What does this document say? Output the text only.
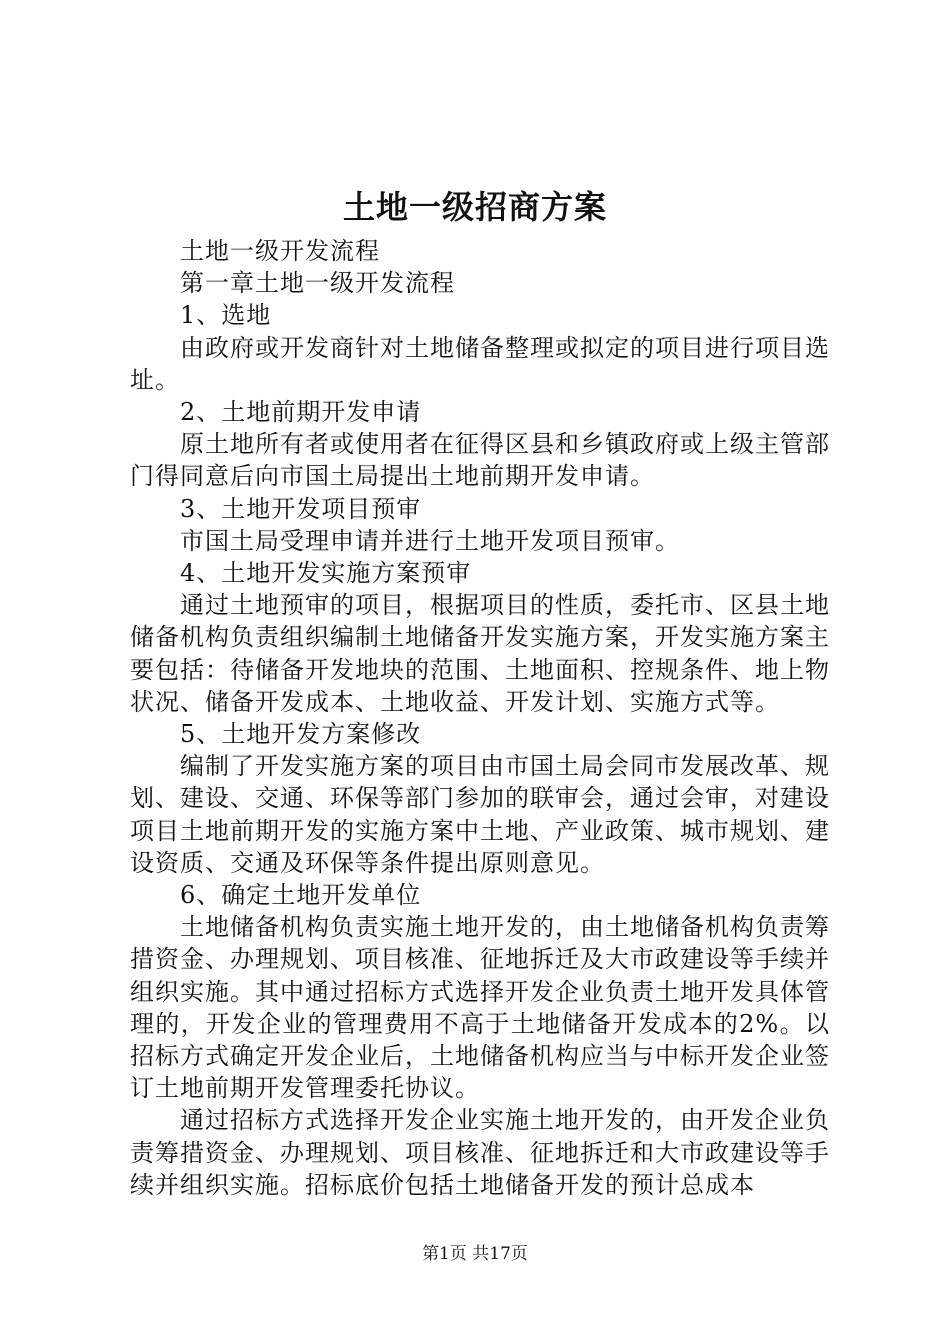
土地一级招商方案

土地一级开发流程

第一章土地一级开发流程

1、选地

由政府或开发商针对土地储备整理或拟定的项目进行项目选址。

2、土地前期开发申请

原土地所有者或使用者在征得区县和乡镇政府或上级主管部门得同意后向市国土局提出土地前期开发申请。

3、土地开发项目预审

市国土局受理申请并进行土地开发项目预审。

4、土地开发实施方案预审

通过土地预审的项目，根据项目的性质，委托市、区县土地储备机构负责组织编制土地储备开发实施方案，开发实施方案主要包括：待储备开发地块的范围、土地面积、控规条件、地上物状况、储备开发成本、土地收益、开发计划、实施方式等。

5、土地开发方案修改

编制了开发实施方案的项目由市国土局会同市发展改革、规划、建设、交通、环保等部门参加的联审会，通过会审，对建设项目土地前期开发的实施方案中土地、产业政策、城市规划、建设资质、交通及环保等条件提出原则意见。

6、确定土地开发单位

土地储备机构负责实施土地开发的，由土地储备机构负责筹措资金、办理规划、项目核准、征地拆迁及大市政建设等手续并组织实施。其中通过招标方式选择开发企业负责土地开发具体管理的，开发企业的管理费用不高于土地储备开发成本的2%。以招标方式确定开发企业后，土地储备机构应当与中标开发企业签订土地前期开发管理委托协议。

通过招标方式选择开发企业实施土地开发的，由开发企业负责筹措资金、办理规划、项目核准、征地拆迁和大市政建设等手续并组织实施。招标底价包括土地储备开发的预计总成本

第1页 共17页
